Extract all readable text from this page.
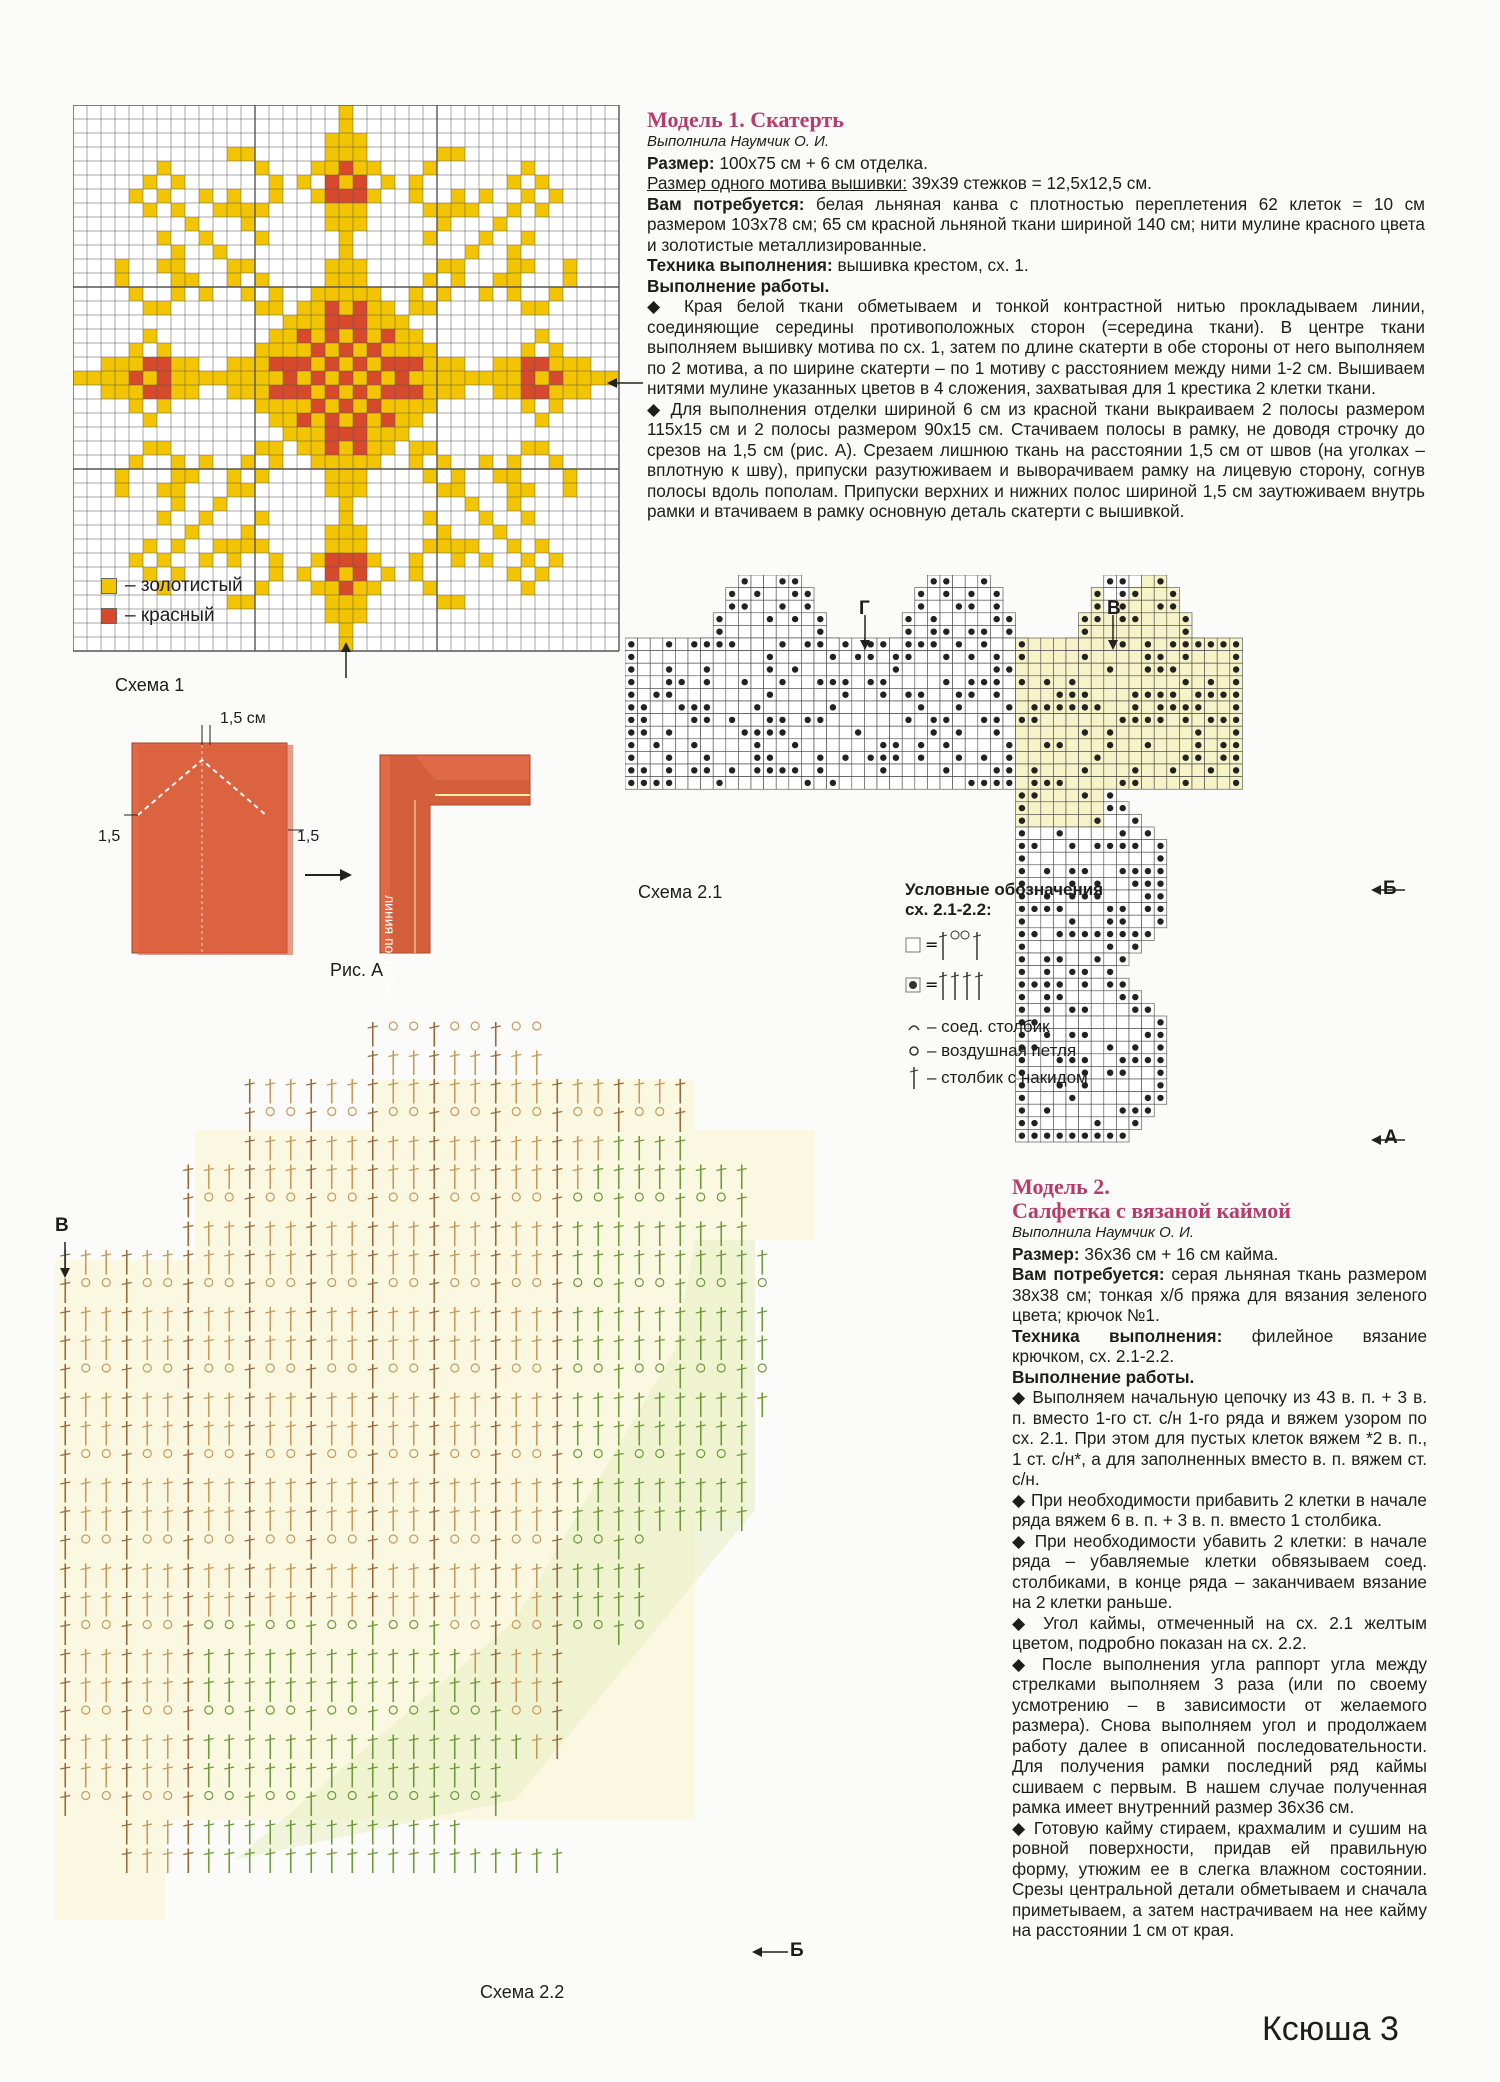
– золотистый
– красный
Схема 1
1,5 см
1,5	1,5
линия подгибки
Рис. А
Модель 1. Скатерть

Выполнила Наумчик О. И.

Размер: 100х75 см + 6 см отделка.

Размер одного мотива вышивки: 39х39 стежков = 12,5х12,5 см.

Вам потребуется: белая льняная канва с плотностью переплетения 62 клеток = 10 см размером 103х78 см; 65 см красной льняной ткани шириной 140 см; нити мулине красного цвета и золотистые металлизированные.

Техника выполнения: вышивка крестом, сх. 1.

Выполнение работы.

◆ Края белой ткани обметываем и тонкой контрастной нитью прокладываем линии, соединяющие середины противоположных сторон (=середина ткани). В центре ткани выполняем вышивку мотива по сх. 1, затем по длине скатерти в обе стороны от него выполняем по 2 мотива, а по ширине скатерти – по 1 мотиву с расстоянием между ними 1-2 см. Вышиваем нитями мулине указанных цветов в 4 сложения, захватывая для 1 крестика 2 клетки ткани.

◆ Для выполнения отделки шириной 6 см из красной ткани выкраиваем 2 полосы размером 115х15 см и 2 полосы размером 90х15 см. Стачиваем полосы в рамку, не доводя строчку до срезов на 1,5 см (рис. А). Срезаем лишнюю ткань на расстоянии 1,5 см от швов (на уголках – вплотную к шву), припуски разутюживаем и выворачиваем рамку на лицевую сторону, согнув полосы вдоль пополам. Припуски верхних и нижних полос шириной 1,5 см заутюживаем внутрь рамки и втачиваем в рамку основную деталь скатерти с вышивкой.

Г	В
Б
А
Схема 2.1	Условные обозначения
сх. 2.1-2.2:
=
=
– соед. столбик
– воздушная петля
– столбик с накидом
В
Б
Схема 2.2
Модель 2.
Салфетка с вязаной каймой

Выполнила Наумчик О. И.

Размер: 36х36 см + 16 см кайма.

Вам потребуется: серая льняная ткань размером 38х38 см; тонкая х/б пряжа для вязания зеленого цвета; крючок №1.

Техника выполнения: филейное вязание крючком, сх. 2.1-2.2.

Выполнение работы.

◆ Выполняем начальную цепочку из 43 в. п. + 3 в. п. вместо 1-го ст. с/н 1-го ряда и вяжем узором по сх. 2.1. При этом для пустых клеток вяжем *2 в. п., 1 ст. с/н*, а для заполненных вместо в. п. вяжем ст. с/н.

◆ При необходимости прибавить 2 клетки в начале ряда вяжем 6 в. п. + 3 в. п. вместо 1 столбика.

◆ При необходимости убавить 2 клетки: в начале ряда – убавляемые клетки обвязываем соед. столбиками, в конце ряда – заканчиваем вязание на 2 клетки раньше.

◆ Угол каймы, отмеченный на сх. 2.1 желтым цветом, подробно показан на сх. 2.2.

◆ После выполнения угла раппорт угла между стрелками выполняем 3 раза (или по своему усмотрению – в зависимости от желаемого размера). Снова выполняем угол и продолжаем работу далее в описанной последовательности. Для получения рамки последний ряд каймы сшиваем с первым. В нашем случае полученная рамка имеет внутренний размер 36х36 см.

◆ Готовую кайму стираем, крахмалим и сушим на ровной поверхности, придав ей правильную форму, утюжим ее в слегка влажном состоянии. Срезы центральной детали обметываем и сначала приметываем, а затем настрачиваем на нее кайму на расстоянии 1 см от края.

Ксюша 3
